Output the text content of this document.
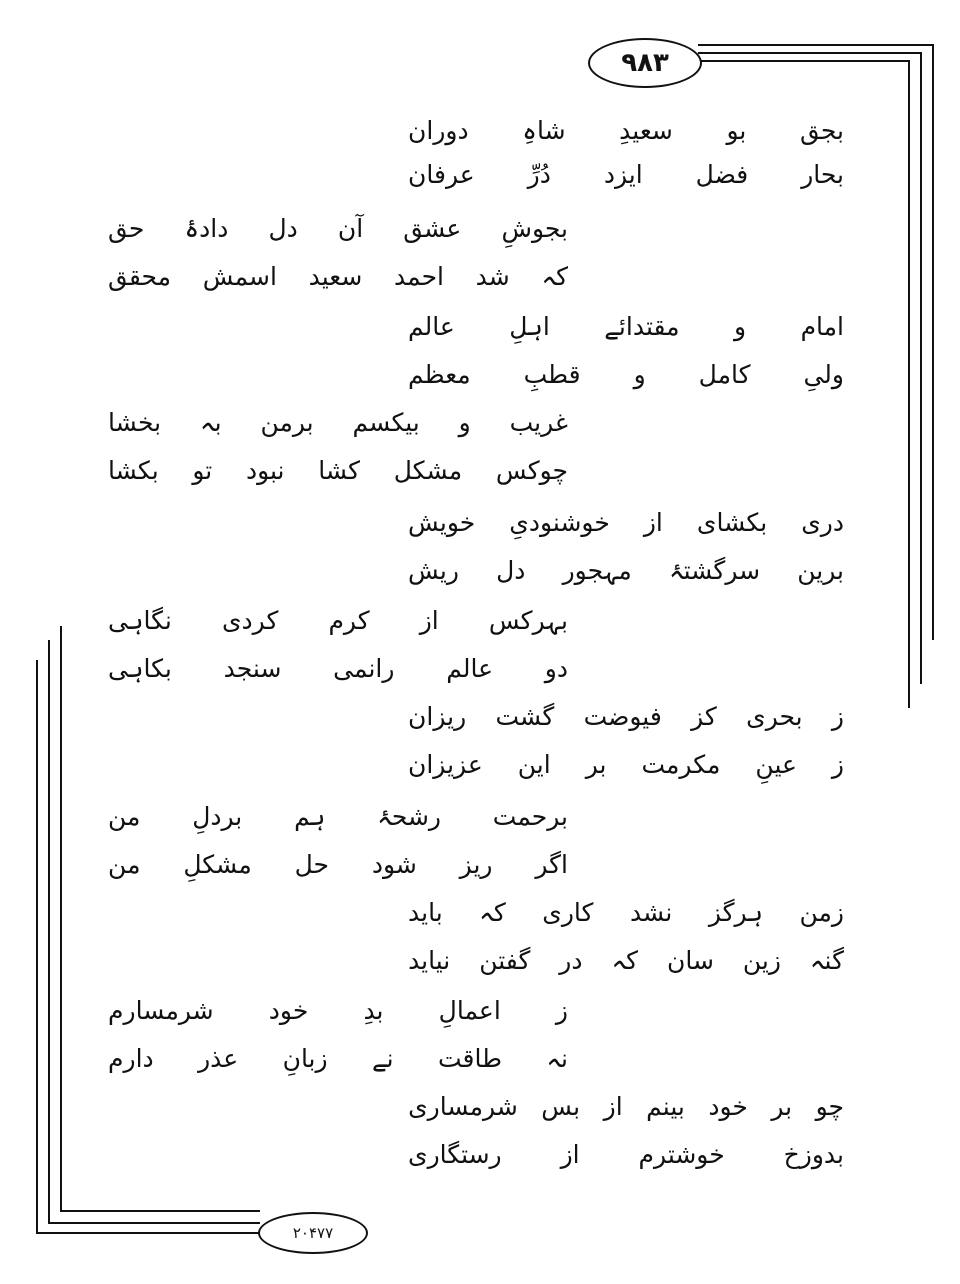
۹۸۳
۲۰۴۷۷
بجق
بو
سعیدِ
شاہِ
دوران
بحار
فضل
ایزد
دُرِّ
عرفان
بجوشِ
عشق
آن
دل
دادۂ
حق
کہ
شد
احمد
سعید
اسمش
محقق
امام
و
مقتدائے
اہلِ
عالم
ولیِ
کامل
و
قطبِ
معظم
غریب
و
بیکسم
برمن
بہ
بخشا
چوکس
مشکل
کشا
نبود
تو
بکشا
دری
بکشای
از
خوشنودیِ
خویش
برین
سرگشتۂ
مہجور
دل
ریش
بہرکس
از
کرم
کردی
نگاہی
دو
عالم
رانمی
سنجد
بکاہی
ز
بحری
کز
فیوضت
گشت
ریزان
ز
عینِ
مکرمت
بر
این
عزیزان
برحمت
رشحۂ
ہم
بردلِ
من
اگر
ریز
شود
حل
مشکلِ
من
زمن
ہرگز
نشد
کاری
کہ
باید
گنہ
زین
سان
کہ
در
گفتن
نیاید
ز
اعمالِ
بدِ
خود
شرمسارم
نہ
طاقت
نے
زبانِ
عذر
دارم
چو
بر
خود
بینم
از
بس
شرمساری
بدوزخ
خوشترم
از
رستگاری
